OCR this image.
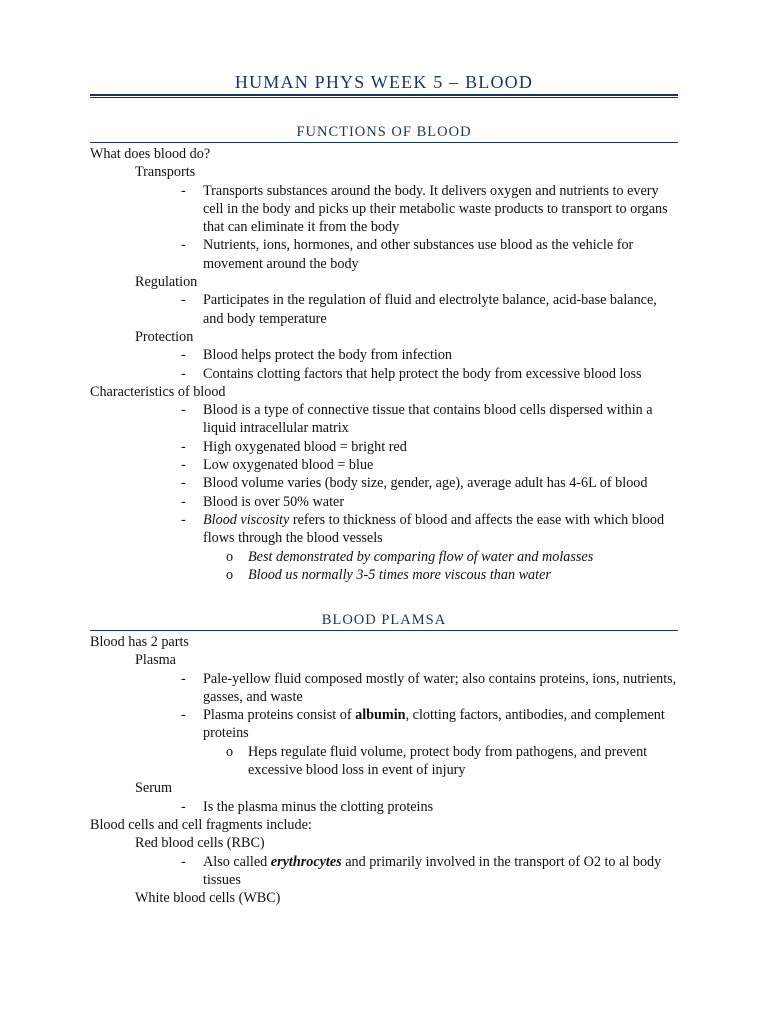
HUMAN PHYS WEEK 5 – BLOOD
FUNCTIONS OF BLOOD
What does blood do?
Transports
- Transports substances around the body. It delivers oxygen and nutrients to every cell in the body and picks up their metabolic waste products to transport to organs that can eliminate it from the body
- Nutrients, ions, hormones, and other substances use blood as the vehicle for movement around the body
Regulation
- Participates in the regulation of fluid and electrolyte balance, acid-base balance, and body temperature
Protection
- Blood helps protect the body from infection
- Contains clotting factors that help protect the body from excessive blood loss
Characteristics of blood
- Blood is a type of connective tissue that contains blood cells dispersed within a liquid intracellular matrix
- High oxygenated blood = bright red
- Low oxygenated blood = blue
- Blood volume varies (body size, gender, age), average adult has 4-6L of blood
- Blood is over 50% water
- Blood viscosity refers to thickness of blood and affects the ease with which blood flows through the blood vessels
o Best demonstrated by comparing flow of water and molasses
o Blood us normally 3-5 times more viscous than water
BLOOD PLAMSA
Blood has 2 parts
Plasma
- Pale-yellow fluid composed mostly of water; also contains proteins, ions, nutrients, gasses, and waste
- Plasma proteins consist of albumin, clotting factors, antibodies, and complement proteins
o Heps regulate fluid volume, protect body from pathogens, and prevent excessive blood loss in event of injury
Serum
- Is the plasma minus the clotting proteins
Blood cells and cell fragments include:
Red blood cells (RBC)
- Also called erythrocytes and primarily involved in the transport of O2 to al body tissues
White blood cells (WBC)
